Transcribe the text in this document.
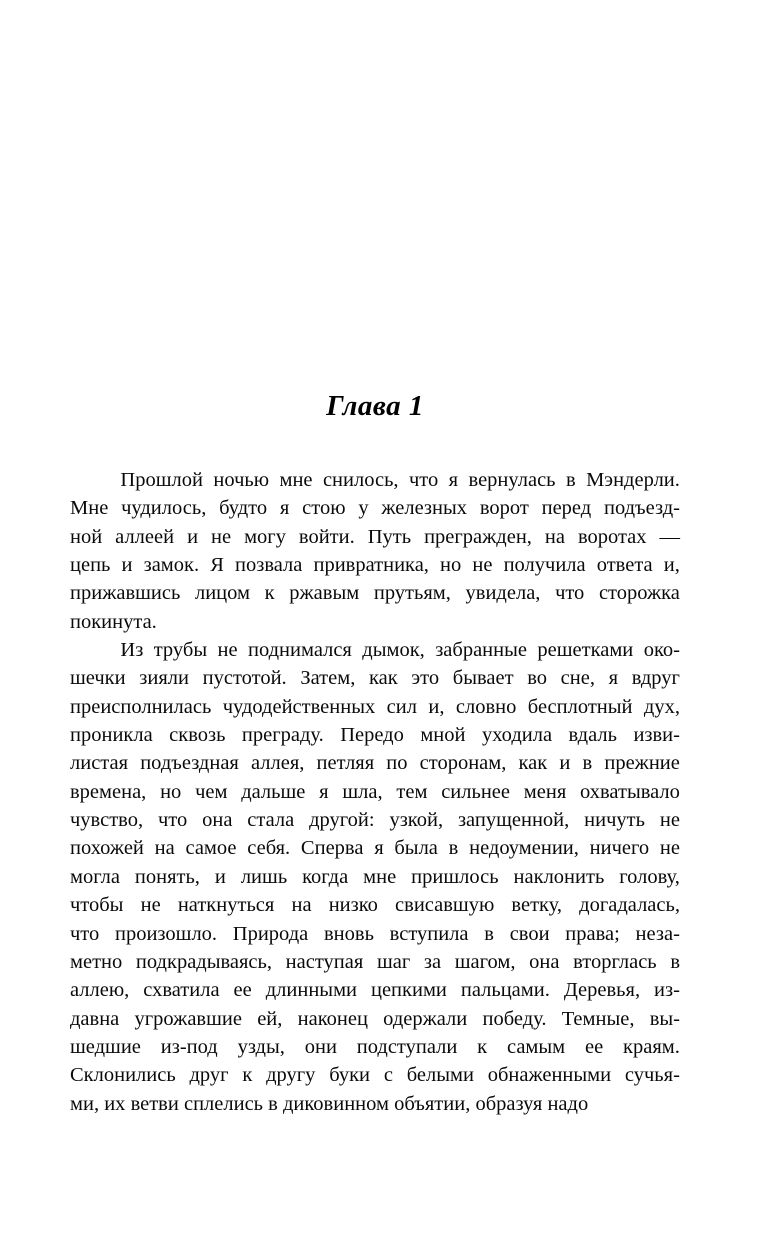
Глава 1
Прошлой ночью мне снилось, что я вернулась в Мэндерли.
Мне чудилось, будто я стою у железных ворот перед подъезд-
ной аллеей и не могу войти. Путь прегражден, на воротах —
цепь и замок. Я позвала привратника, но не получила ответа и,
прижавшись лицом к ржавым прутьям, увидела, что сторожка
покинута.
Из трубы не поднимался дымок, забранные решетками око-
шечки зияли пустотой. Затем, как это бывает во сне, я вдруг
преисполнилась чудодейственных сил и, словно бесплотный дух,
проникла сквозь преграду. Передо мной уходила вдаль изви-
листая подъездная аллея, петляя по сторонам, как и в прежние
времена, но чем дальше я шла, тем сильнее меня охватывало
чувство, что она стала другой: узкой, запущенной, ничуть не
похожей на самое себя. Сперва я была в недоумении, ничего не
могла понять, и лишь когда мне пришлось наклонить голову,
чтобы не наткнуться на низко свисавшую ветку, догадалась,
что произошло. Природа вновь вступила в свои права; неза-
метно подкрадываясь, наступая шаг за шагом, она вторглась в
аллею, схватила ее длинными цепкими пальцами. Деревья, из-
давна угрожавшие ей, наконец одержали победу. Темные, вы-
шедшие из-под узды, они подступали к самым ее краям.
Склонились друг к другу буки с белыми обнаженными сучья-
ми, их ветви сплелись в диковинном объятии, образуя надо
